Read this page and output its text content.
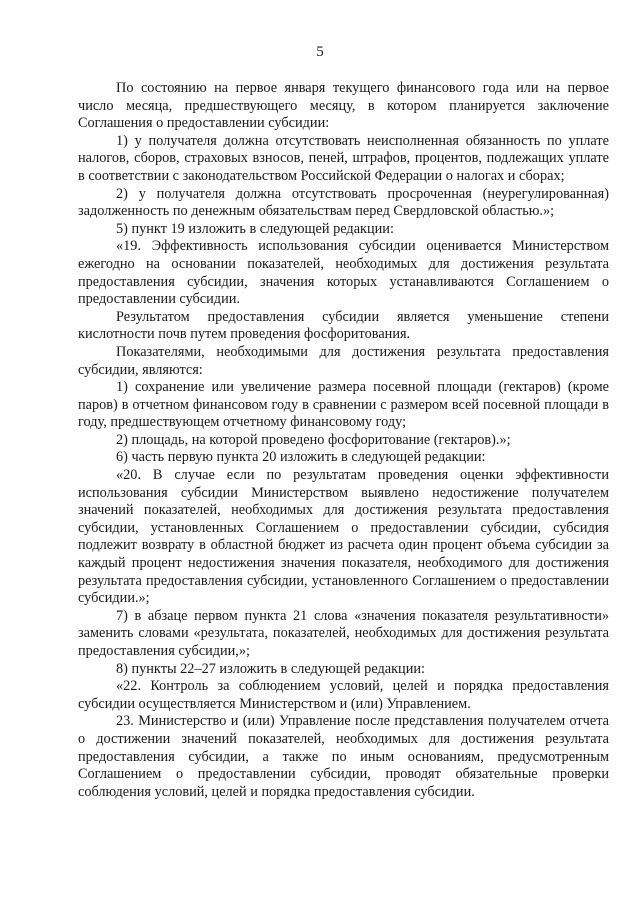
5

По состоянию на первое января текущего финансового года или на первое число месяца, предшествующего месяцу, в котором планируется заключение Соглашения о предоставлении субсидии:

1) у получателя должна отсутствовать неисполненная обязанность по уплате налогов, сборов, страховых взносов, пеней, штрафов, процентов, подлежащих уплате в соответствии с законодательством Российской Федерации о налогах и сборах;

2) у получателя должна отсутствовать просроченная (неурегулированная) задолженность по денежным обязательствам перед Свердловской областью.»;

5) пункт 19 изложить в следующей редакции:

«19. Эффективность использования субсидии оценивается Министерством ежегодно на основании показателей, необходимых для достижения результата предоставления субсидии, значения которых устанавливаются Соглашением о предоставлении субсидии.

Результатом предоставления субсидии является уменьшение степени кислотности почв путем проведения фосфоритования.

Показателями, необходимыми для достижения результата предоставления субсидии, являются:

1) сохранение или увеличение размера посевной площади (гектаров) (кроме паров) в отчетном финансовом году в сравнении с размером всей посевной площади в году, предшествующем отчетному финансовому году;

2) площадь, на которой проведено фосфоритование (гектаров).»;

6) часть первую пункта 20 изложить в следующей редакции:

«20. В случае если по результатам проведения оценки эффективности использования субсидии Министерством выявлено недостижение получателем значений показателей, необходимых для достижения результата предоставления субсидии, установленных Соглашением о предоставлении субсидии, субсидия подлежит возврату в областной бюджет из расчета один процент объема субсидии за каждый процент недостижения значения показателя, необходимого для достижения результата предоставления субсидии, установленного Соглашением о предоставлении субсидии.»;

7) в абзаце первом пункта 21 слова «значения показателя результативности» заменить словами «результата, показателей, необходимых для достижения результата предоставления субсидии,»;

8) пункты 22–27 изложить в следующей редакции:

«22. Контроль за соблюдением условий, целей и порядка предоставления субсидии осуществляется Министерством и (или) Управлением.

23. Министерство и (или) Управление после представления получателем отчета о достижении значений показателей, необходимых для достижения результата предоставления субсидии, а также по иным основаниям, предусмотренным Соглашением о предоставлении субсидии, проводят обязательные проверки соблюдения условий, целей и порядка предоставления субсидии.
